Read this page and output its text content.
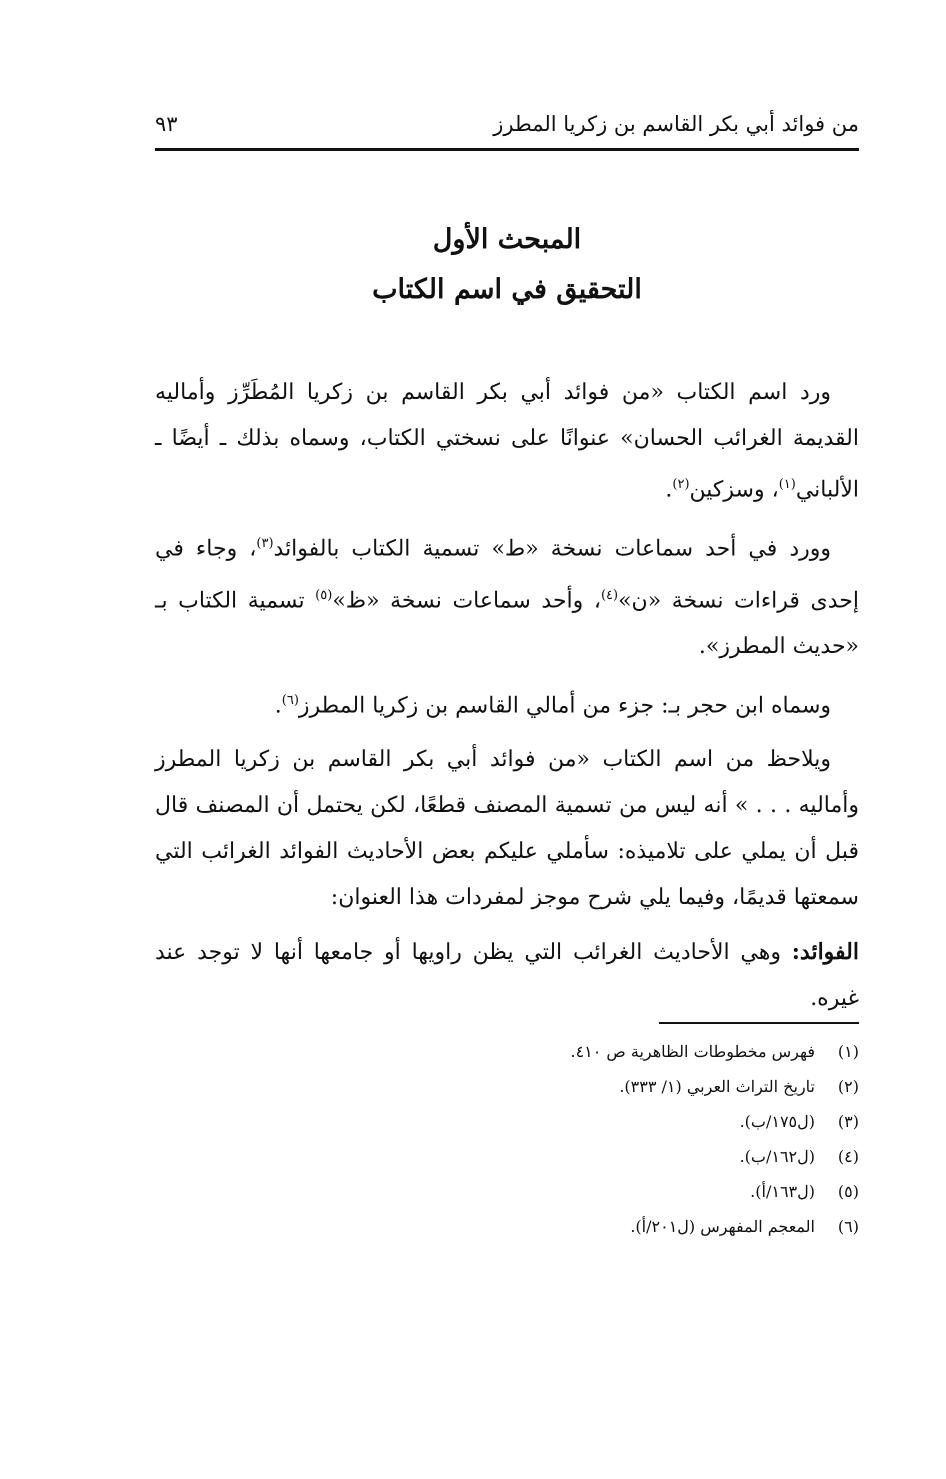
من فوائد أبي بكر القاسم بن زكريا المطرز
٩٣
المبحث الأول
التحقيق في اسم الكتاب

ورد اسم الكتاب «من فوائد أبي بكر القاسم بن زكريا المُطَرِّز وأماليه القديمة الغرائب الحسان» عنوانًا على نسختي الكتاب، وسماه بذلك ـ أيضًا ـ الألباني$^{(١)}$، وسزكين$^{(٢)}$.

وورد في أحد سماعات نسخة «ط» تسمية الكتاب بالفوائد$^{(٣)}$، وجاء في إحدى قراءات نسخة «ن»$^{(٤)}$، وأحد سماعات نسخة «ظ»$^{(٥)}$ تسمية الكتاب بـ «حديث المطرز».

وسماه ابن حجر بـ: جزء من أمالي القاسم بن زكريا المطرز$^{(٦)}$.

ويلاحظ من اسم الكتاب «من فوائد أبي بكر القاسم بن زكريا المطرز وأماليه . . . » أنه ليس من تسمية المصنف قطعًا، لكن يحتمل أن المصنف قال قبل أن يملي على تلاميذه: سأملي عليكم بعض الأحاديث الفوائد الغرائب التي سمعتها قديمًا، وفيما يلي شرح موجز لمفردات هذا العنوان:

الفوائد: وهي الأحاديث الغرائب التي يظن راويها أو جامعها أنها لا توجد عند غيره.

(١)فهرس مخطوطات الظاهرية ص ٤١٠.
(٢)تاريخ التراث العربي (١/ ٣٣٣).
(٣)(ل١٧٥/ب).
(٤)(ل١٦٢/ب).
(٥)(ل١٦٣/أ).
(٦)المعجم المفهرس (ل٢٠١/أ).
